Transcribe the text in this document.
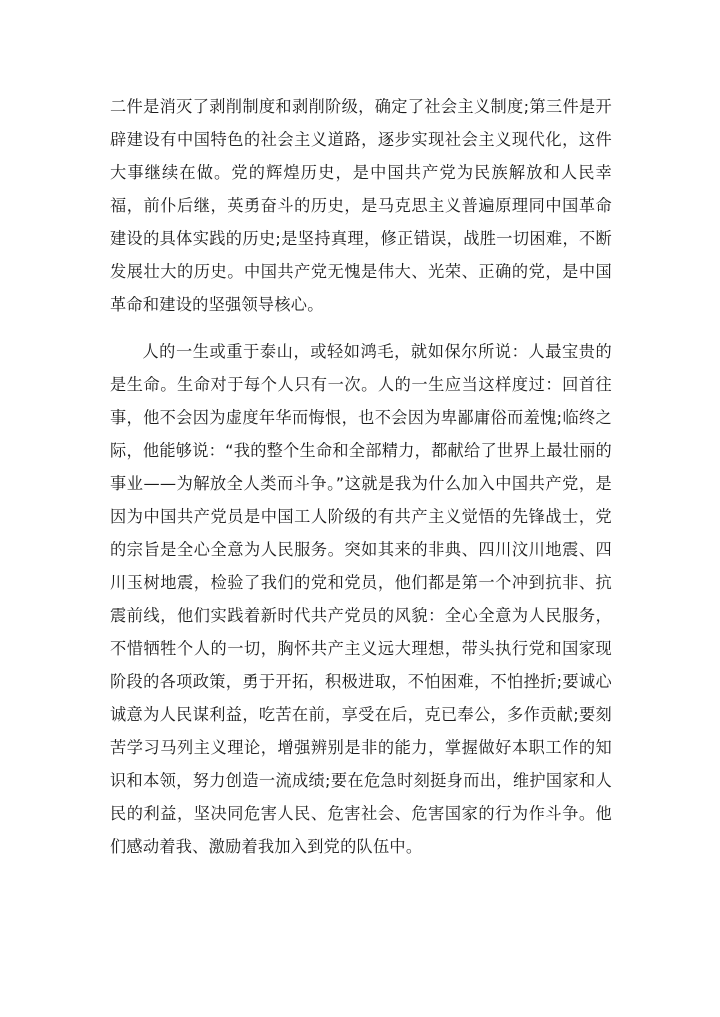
二件是消灭了剥削制度和剥削阶级，确定了社会主义制度;第三件是开辟建设有中国特色的社会主义道路，逐步实现社会主义现代化，这件大事继续在做。党的辉煌历史，是中国共产党为民族解放和人民幸福，前仆后继，英勇奋斗的历史，是马克思主义普遍原理同中国革命建设的具体实践的历史;是坚持真理，修正错误，战胜一切困难，不断发展壮大的历史。中国共产党无愧是伟大、光荣、正确的党，是中国革命和建设的坚强领导核心。

人的一生或重于泰山，或轻如鸿毛，就如保尔所说：人最宝贵的是生命。生命对于每个人只有一次。人的一生应当这样度过：回首往事，他不会因为虚度年华而悔恨，也不会因为卑鄙庸俗而羞愧;临终之际，他能够说：“我的整个生命和全部精力，都献给了世界上最壮丽的事业——为解放全人类而斗争。”这就是我为什么加入中国共产党，是因为中国共产党员是中国工人阶级的有共产主义觉悟的先锋战士，党的宗旨是全心全意为人民服务。突如其来的非典、四川汶川地震、四川玉树地震，检验了我们的党和党员，他们都是第一个冲到抗非、抗震前线，他们实践着新时代共产党员的风貌：全心全意为人民服务，不惜牺牲个人的一切，胸怀共产主义远大理想，带头执行党和国家现阶段的各项政策，勇于开拓，积极进取，不怕困难，不怕挫折;要诚心诚意为人民谋利益，吃苦在前，享受在后，克已奉公，多作贡献;要刻苦学习马列主义理论，增强辨别是非的能力，掌握做好本职工作的知识和本领，努力创造一流成绩;要在危急时刻挺身而出，维护国家和人民的利益，坚决同危害人民、危害社会、危害国家的行为作斗争。他们感动着我、激励着我加入到党的队伍中。
